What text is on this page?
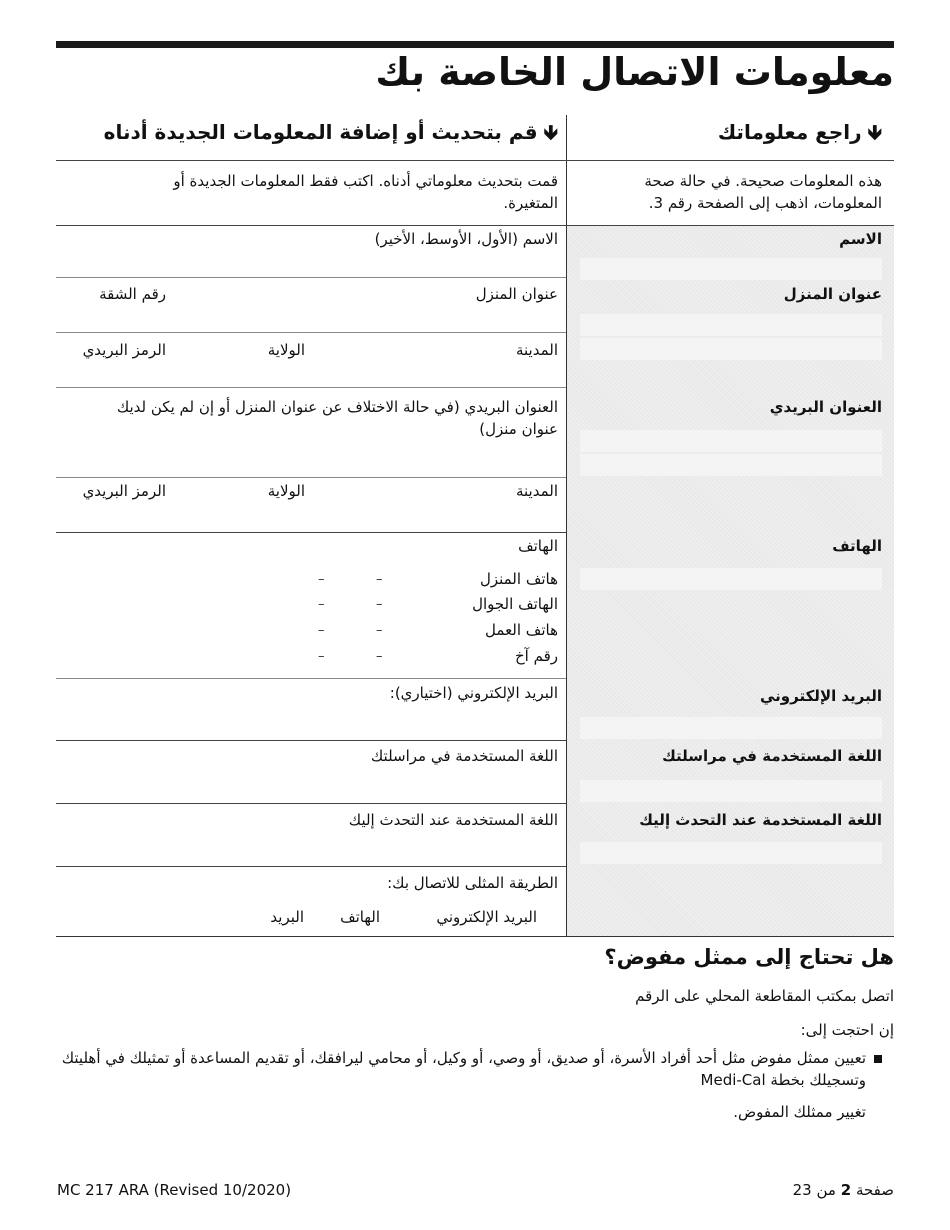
معلومات الاتصال الخاصة بك
🡻راجع معلوماتك
🡻قم بتحديث أو إضافة المعلومات الجديدة أدناه
هذه المعلومات صحيحة. في حالة صحة المعلومات، اذهب إلى الصفحة رقم 3.
قمت بتحديث معلوماتي أدناه. اكتب فقط المعلومات الجديدة أو المتغيرة.
الاسم
عنوان المنزل
العنوان البريدي
الهاتف
البريد الإلكتروني
اللغة المستخدمة في مراسلتك
اللغة المستخدمة عند التحدث إليك
الاسم (الأول، الأوسط، الأخير)
عنوان المنزل
رقم الشقة
المدينة
الولاية
الرمز البريدي
العنوان البريدي (في حالة الاختلاف عن عنوان المنزل أو إن لم يكن لديك عنوان منزل)
المدينة
الولاية
الرمز البريدي
الهاتف
هاتف المنزل
–
–
الهاتف الجوال
–
–
هاتف العمل
–
–
رقم آخ
–
–
البريد الإلكتروني (اختياري):
اللغة المستخدمة في مراسلتك
اللغة المستخدمة عند التحدث إليك
الطريقة المثلى للاتصال بك:
البريد الإلكتروني
الهاتف
البريد
هل تحتاج إلى ممثل مفوض؟
اتصل بمكتب المقاطعة المحلي على الرقم
إن احتجت إلى:
تعيين ممثل مفوض مثل أحد أفراد الأسرة، أو صديق، أو وصي، أو وكيل، أو محامي ليرافقك، أو تقديم المساعدة أو تمثيلك في أهليتك وتسجيلك بخطة Medi-Cal
تغيير ممثلك المفوض.
MC 217 ARA (Revised 10/2020)	صفحة 2 من 23
